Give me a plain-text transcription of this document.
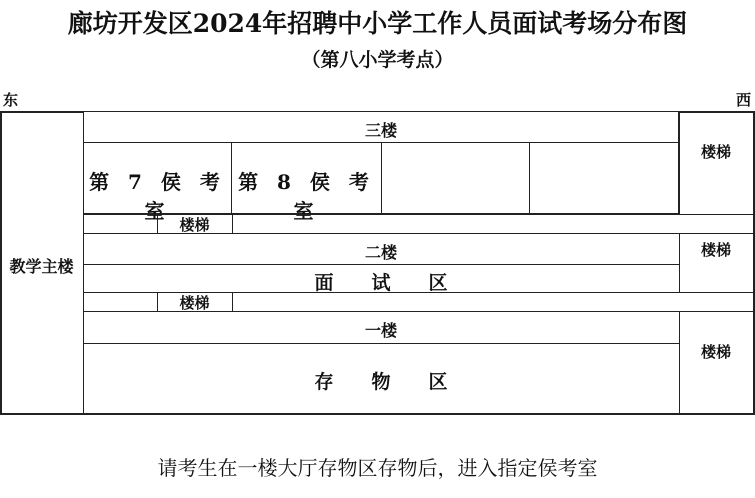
廊坊开发区2024年招聘中小学工作人员面试考场分布图
（第八小学考点）
东	西
教学主楼
三楼
第 7 侯 考 室
第 8 侯 考 室
楼梯
楼梯
二楼
面　　试　　区
楼梯
楼梯
一楼
存　　物　　区
楼梯
请考生在一楼大厅存物区存物后，进入指定侯考室
